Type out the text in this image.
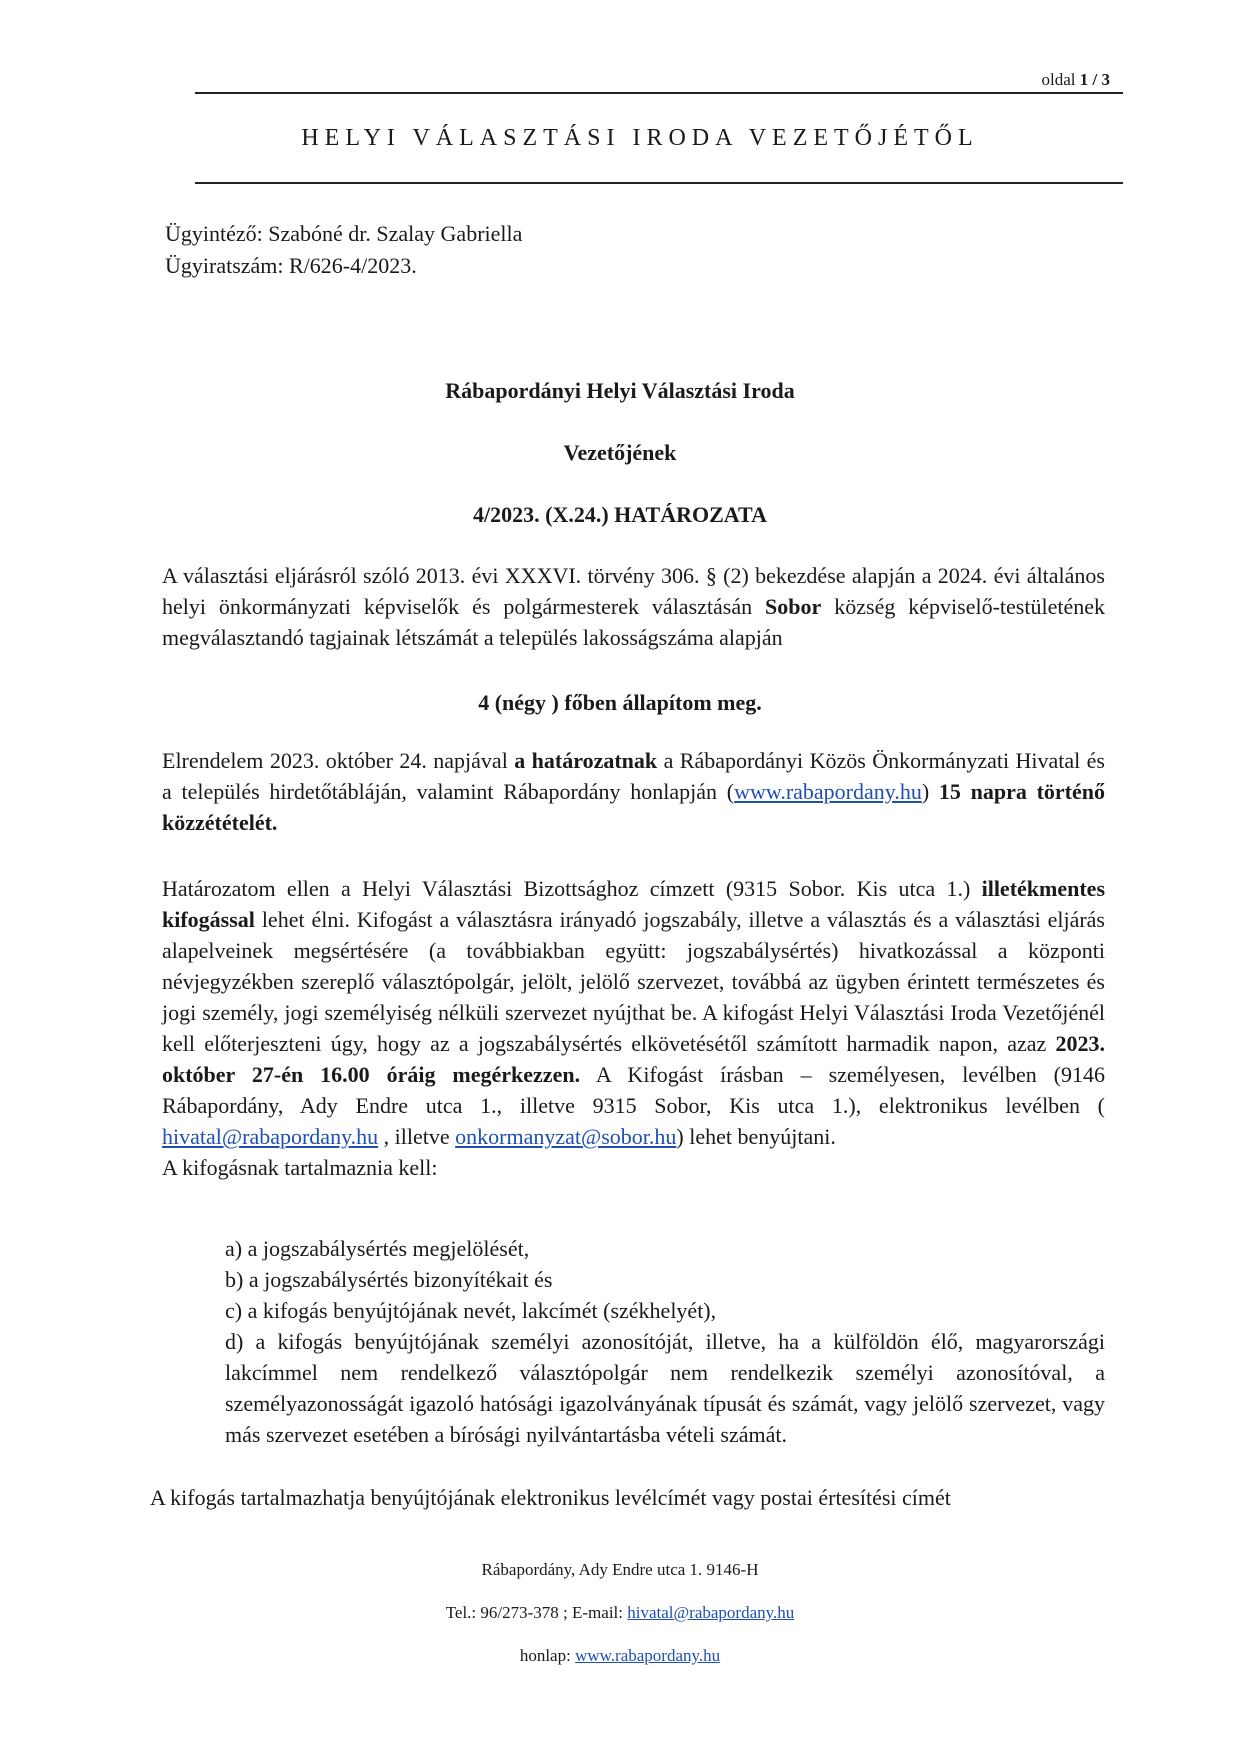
oldal 1 / 3
HELYI VÁLASZTÁSI IRODA VEZETŐJÉTŐL
Ügyintéző: Szabóné dr. Szalay Gabriella
Ügyiratszám: R/626-4/2023.
Rábapordányi Helyi Választási Iroda
Vezetőjének
4/2023. (X.24.) HATÁROZATA
A választási eljárásról szóló 2013. évi XXXVI. törvény 306. § (2) bekezdése alapján a 2024. évi általános helyi önkormányzati képviselők és polgármesterek választásán Sobor község képviselő-testületének megválasztandó tagjainak létszámát a település lakosságszáma alapján
4 (négy ) főben állapítom meg.
Elrendelem 2023. október 24. napjával a határozatnak a Rábapordányi Közös Önkormányzati Hivatal és a település hirdetőtábláján, valamint Rábapordány honlapján (www.rabapordany.hu) 15 napra történő közzétételét.
Határozatom ellen a Helyi Választási Bizottsághoz címzett (9315 Sobor. Kis utca 1.) illetékmentes kifogással lehet élni. Kifogást a választásra irányadó jogszabály, illetve a választás és a választási eljárás alapelveinek megsértésére (a továbbiakban együtt: jogszabálysértés) hivatkozással a központi névjegyzékben szereplő választópolgár, jelölt, jelölő szervezet, továbbá az ügyben érintett természetes és jogi személy, jogi személyiség nélküli szervezet nyújthat be. A kifogást Helyi Választási Iroda Vezetőjénél kell előterjeszteni úgy, hogy az a jogszabálysértés elkövetésétől számított harmadik napon, azaz 2023. október 27-én 16.00 óráig megérkezzen. A Kifogást írásban – személyesen, levélben (9146 Rábapordány, Ady Endre utca 1., illetve 9315 Sobor, Kis utca 1.), elektronikus levélben ( hivatal@rabapordany.hu , illetve onkormanyzat@sobor.hu) lehet benyújtani.

A kifogásnak tartalmaznia kell:

a) a jogszabálysértés megjelölését,

b) a jogszabálysértés bizonyítékait és

c) a kifogás benyújtójának nevét, lakcímét (székhelyét),

d) a kifogás benyújtójának személyi azonosítóját, illetve, ha a külföldön élő, magyarországi lakcímmel nem rendelkező választópolgár nem rendelkezik személyi azonosítóval, a személyazonosságát igazoló hatósági igazolványának típusát és számát, vagy jelölő szervezet, vagy más szervezet esetében a bírósági nyilvántartásba vételi számát.

A kifogás tartalmazhatja benyújtójának elektronikus levélcímét vagy postai értesítési címét
Rábapordány, Ady Endre utca 1. 9146-H
Tel.: 96/273-378 ; E-mail: hivatal@rabapordany.hu
honlap: www.rabapordany.hu
